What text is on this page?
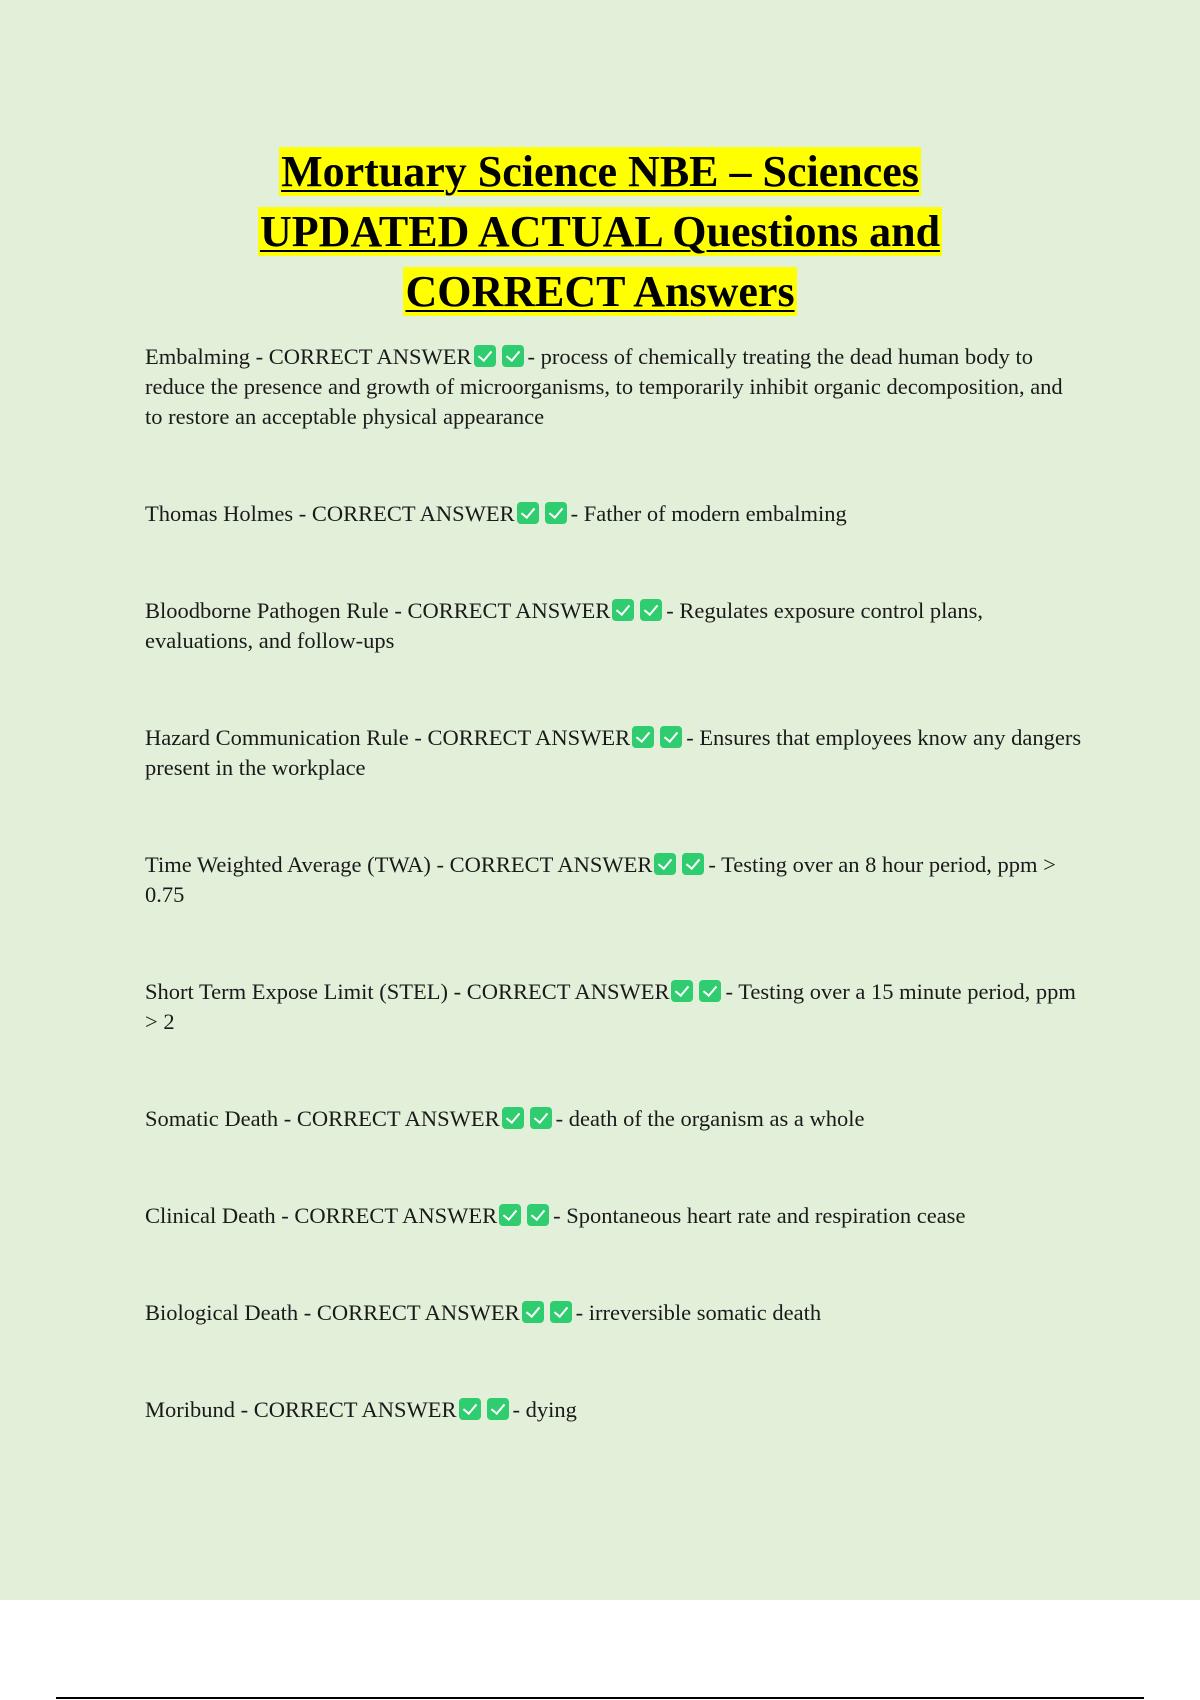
Mortuary Science NBE – Sciences
UPDATED ACTUAL Questions and
CORRECT Answers
Embalming - CORRECT ANSWER - process of chemically treating the dead human body to reduce the presence and growth of microorganisms, to temporarily inhibit organic decomposition, and to restore an acceptable physical appearance
Thomas Holmes - CORRECT ANSWER - Father of modern embalming
Bloodborne Pathogen Rule - CORRECT ANSWER - Regulates exposure control plans, evaluations, and follow-ups
Hazard Communication Rule - CORRECT ANSWER - Ensures that employees know any dangers present in the workplace
Time Weighted Average (TWA) - CORRECT ANSWER - Testing over an 8 hour period, ppm > 0.75
Short Term Expose Limit (STEL) - CORRECT ANSWER - Testing over a 15 minute period, ppm > 2
Somatic Death - CORRECT ANSWER - death of the organism as a whole
Clinical Death - CORRECT ANSWER - Spontaneous heart rate and respiration cease
Biological Death - CORRECT ANSWER - irreversible somatic death
Moribund - CORRECT ANSWER - dying
